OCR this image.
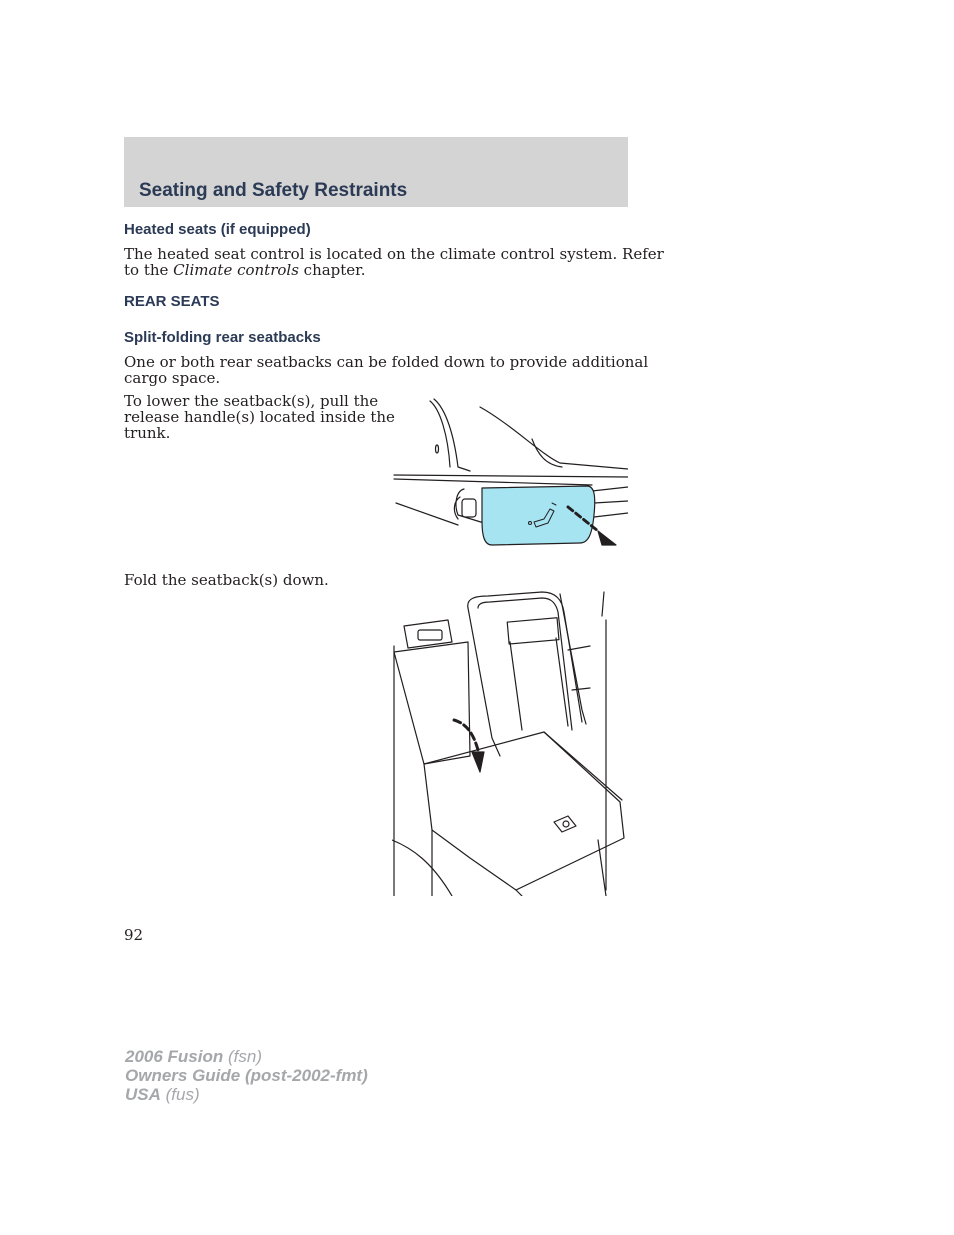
Seating and Safety Restraints
Heated seats (if equipped)
The heated seat control is located on the climate control system. Refer
to the Climate controls chapter.
REAR SEATS
Split-folding rear seatbacks
One or both rear seatbacks can be folded down to provide additional
cargo space.
To lower the seatback(s), pull the
release handle(s) located inside the
trunk.
Fold the seatback(s) down.
92
2006 Fusion (fsn)
Owners Guide (post-2002-fmt)
USA (fus)
